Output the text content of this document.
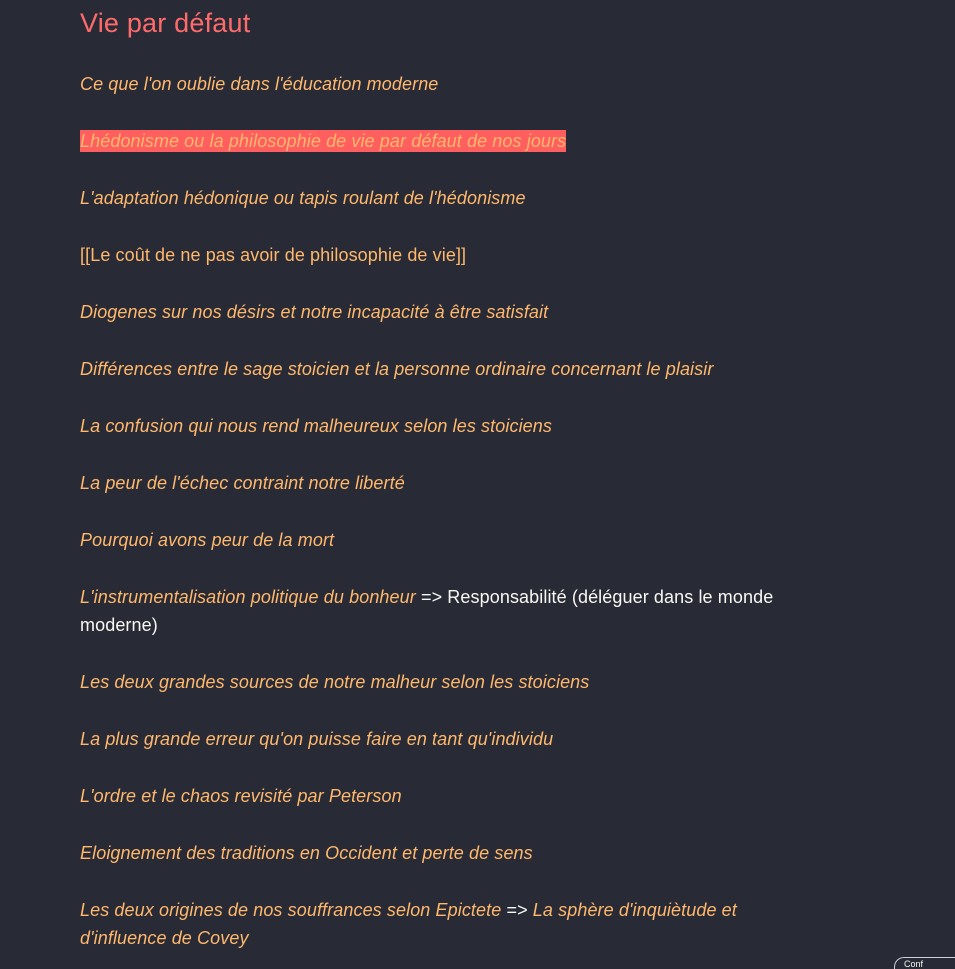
Vie par défaut
Ce que l'on oublie dans l'éducation moderne
Lhédonisme ou la philosophie de vie par défaut de nos jours
L'adaptation hédonique ou tapis roulant de l'hédonisme
[[Le coût de ne pas avoir de philosophie de vie]]
Diogenes sur nos désirs et notre incapacité à être satisfait
Différences entre le sage stoicien et la personne ordinaire concernant le plaisir
La confusion qui nous rend malheureux selon les stoiciens
La peur de l'échec contraint notre liberté
Pourquoi avons peur de la mort
L'instrumentalisation politique du bonheur => Responsabilité (déléguer dans le monde moderne)
Les deux grandes sources de notre malheur selon les stoiciens
La plus grande erreur qu'on puisse faire en tant qu'individu
L'ordre et le chaos revisité par Peterson
Eloignement des traditions en Occident et perte de sens
Les deux origines de nos souffrances selon Epictete => La sphère d'inquiètude et d'influence de Covey
Conf
